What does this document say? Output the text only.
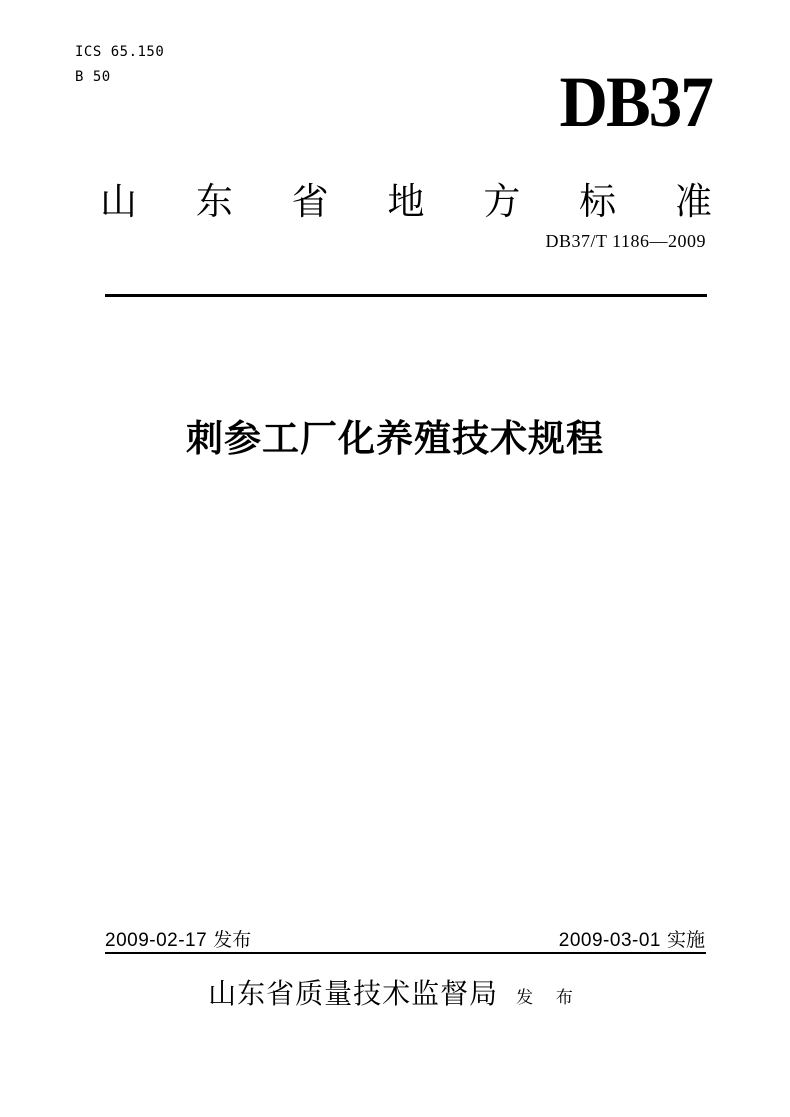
ICS 65.150
B 50	DB37
山 东 省 地 方 标 准
DB37/T 1186—2009
刺参工厂化养殖技术规程
2009-02-17 发布	2009-03-01 实施
山东省质量技术监督局 发 布
